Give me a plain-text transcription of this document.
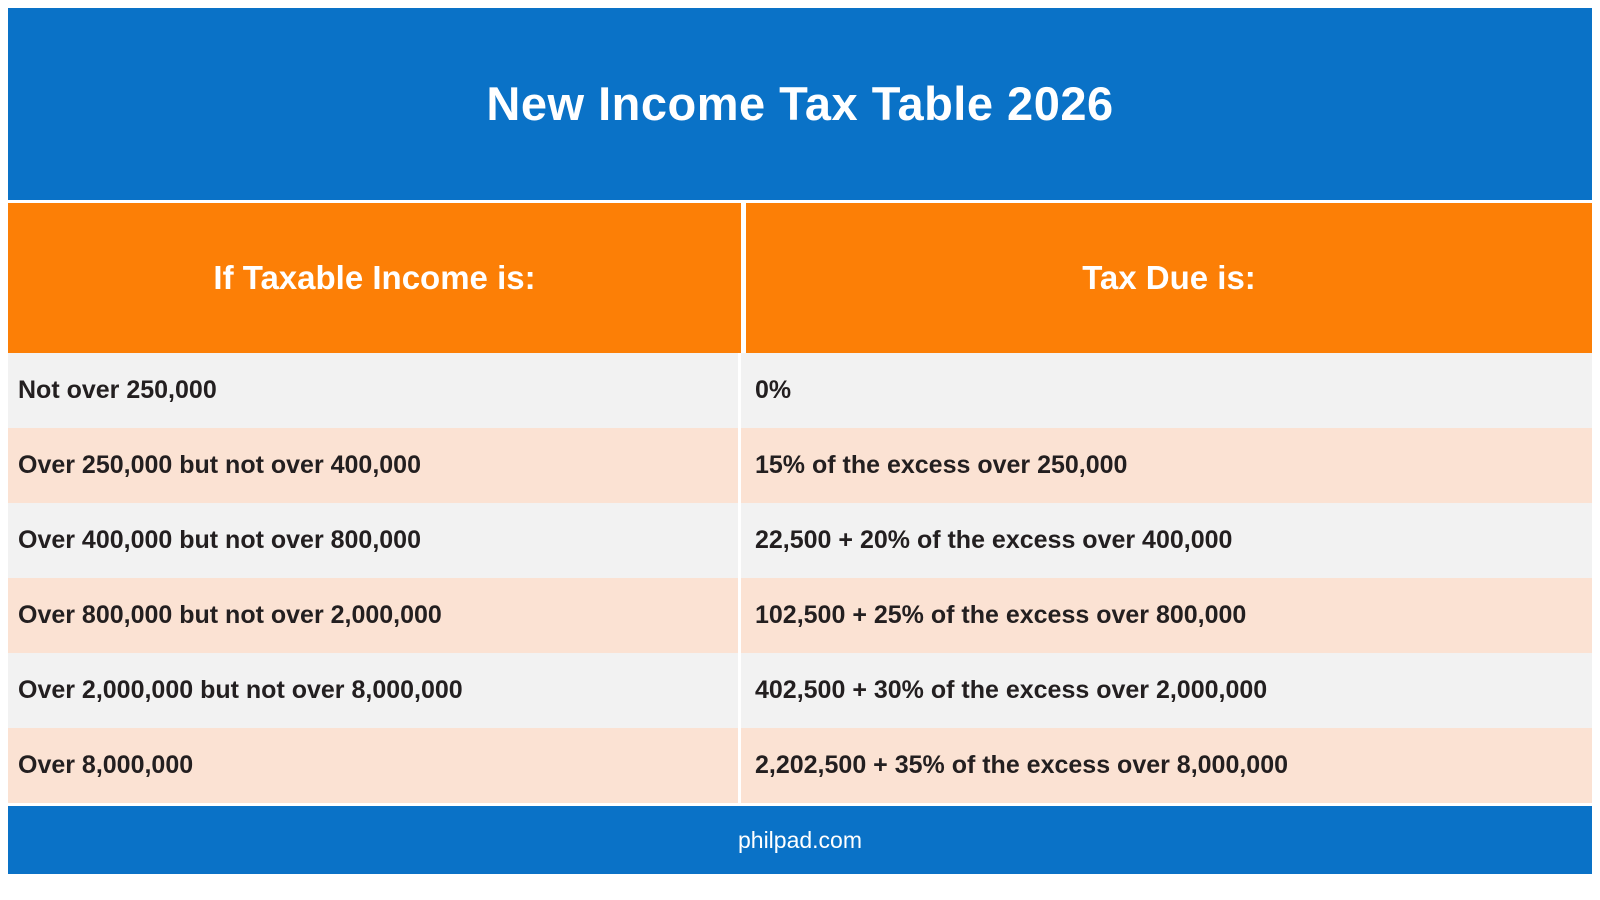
New Income Tax Table 2026
If Taxable Income is:	Tax Due is:
Not over 250,000	0%
Over 250,000 but not over 400,000	15% of the excess over 250,000
Over 400,000 but not over 800,000	22,500 + 20% of the excess over 400,000
Over 800,000 but not over 2,000,000	102,500 + 25% of the excess over 800,000
Over 2,000,000 but not over 8,000,000	402,500 + 30% of the excess over 2,000,000
Over 8,000,000	2,202,500 + 35% of the excess over 8,000,000
philpad.com
